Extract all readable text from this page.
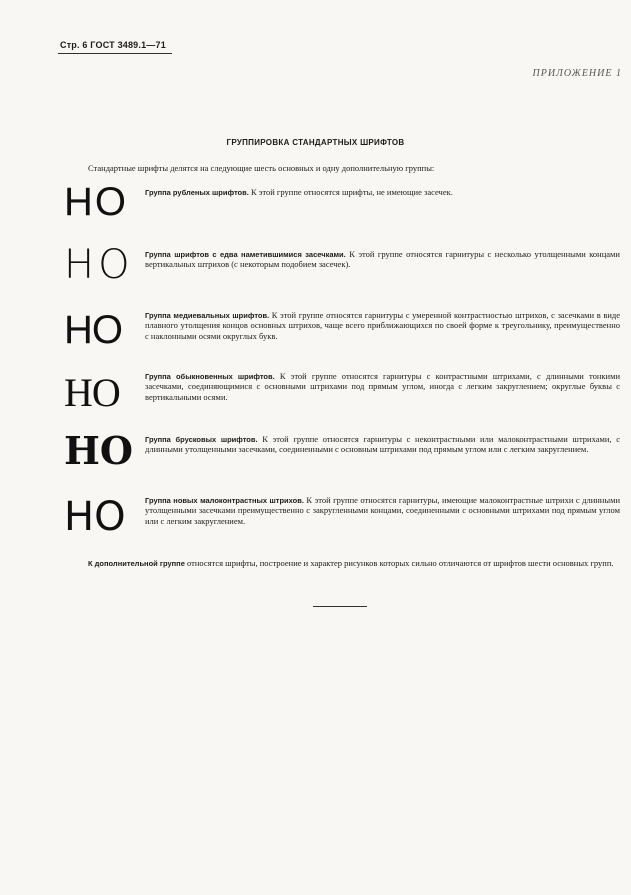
Стр. 6 ГОСТ 3489.1—71
ПРИЛОЖЕНИЕ 1
ГРУППИРОВКА СТАНДАРТНЫХ ШРИФТОВ
Стандартные шрифты делятся на следующие шесть основных и одну дополнительную группы:
НО Группа рубленых шрифтов. К этой группе относятся шрифты, не имеющие засечек.
НО Группа шрифтов с едва наметившимися засечками. К этой группе относятся гарнитуры с несколько утолщенными концами вертикальных штрихов (с некоторым подобием засечек).
НО	Группа медиевальных шрифтов. К этой группе относятся гарнитуры с умеренной контрастностью штрихов, с засечками в виде плавного утолщения концов основных штрихов, чаще всего приближающихся по своей форме к треугольнику, преимущественно с наклонными осями округлых букв.
НО	Группа обыкновенных шрифтов. К этой группе относятся гарнитуры с контрастными штрихами, с длинными тонкими засечками, соединяющимися с основными штрихами под прямым углом, иногда с легким закруглением; округлые буквы с вертикальными осями.
НО Группа брусковых шрифтов. К этой группе относятся гарнитуры с неконтрастными или малоконтрастными штрихами, с длинными утолщенными засечками, соединенными с основным штрихами под прямым углом или с легким закруглением.
НО	Группа новых малоконтрастных штрихов. К этой группе относятся гарнитуры, имеющие малоконтрастные штрихи с длинными утолщенными засечками преимущественно с закругленными концами, соединенными с основными штрихами под прямым углом или с легким закруглением.
К дополнительной группе относятся шрифты, построение и характер рисунков которых сильно отличаются от шрифтов шести основных групп.
